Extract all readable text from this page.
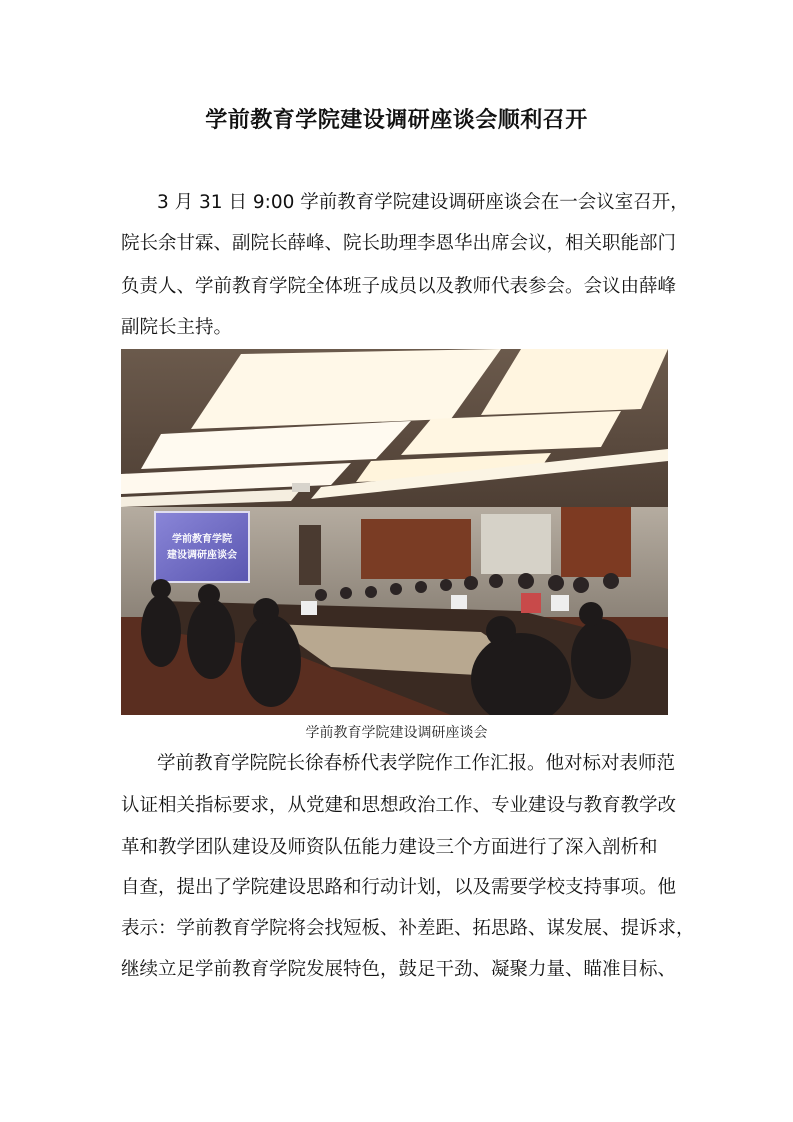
学前教育学院建设调研座谈会顺利召开
3 月 31 日 9:00 学前教育学院建设调研座谈会在一会议室召开，
院长余甘霖、副院长薛峰、院长助理李恩华出席会议，相关职能部门
负责人、学前教育学院全体班子成员以及教师代表参会。会议由薛峰
副院长主持。
学前教育学院
建设调研座谈会
学前教育学院建设调研座谈会
学前教育学院院长徐春桥代表学院作工作汇报。他对标对表师范
认证相关指标要求，从党建和思想政治工作、专业建设与教育教学改
革和教学团队建设及师资队伍能力建设三个方面进行了深入剖析和
自查，提出了学院建设思路和行动计划，以及需要学校支持事项。他
表示：学前教育学院将会找短板、补差距、拓思路、谋发展、提诉求，
继续立足学前教育学院发展特色，鼓足干劲、凝聚力量、瞄准目标、
